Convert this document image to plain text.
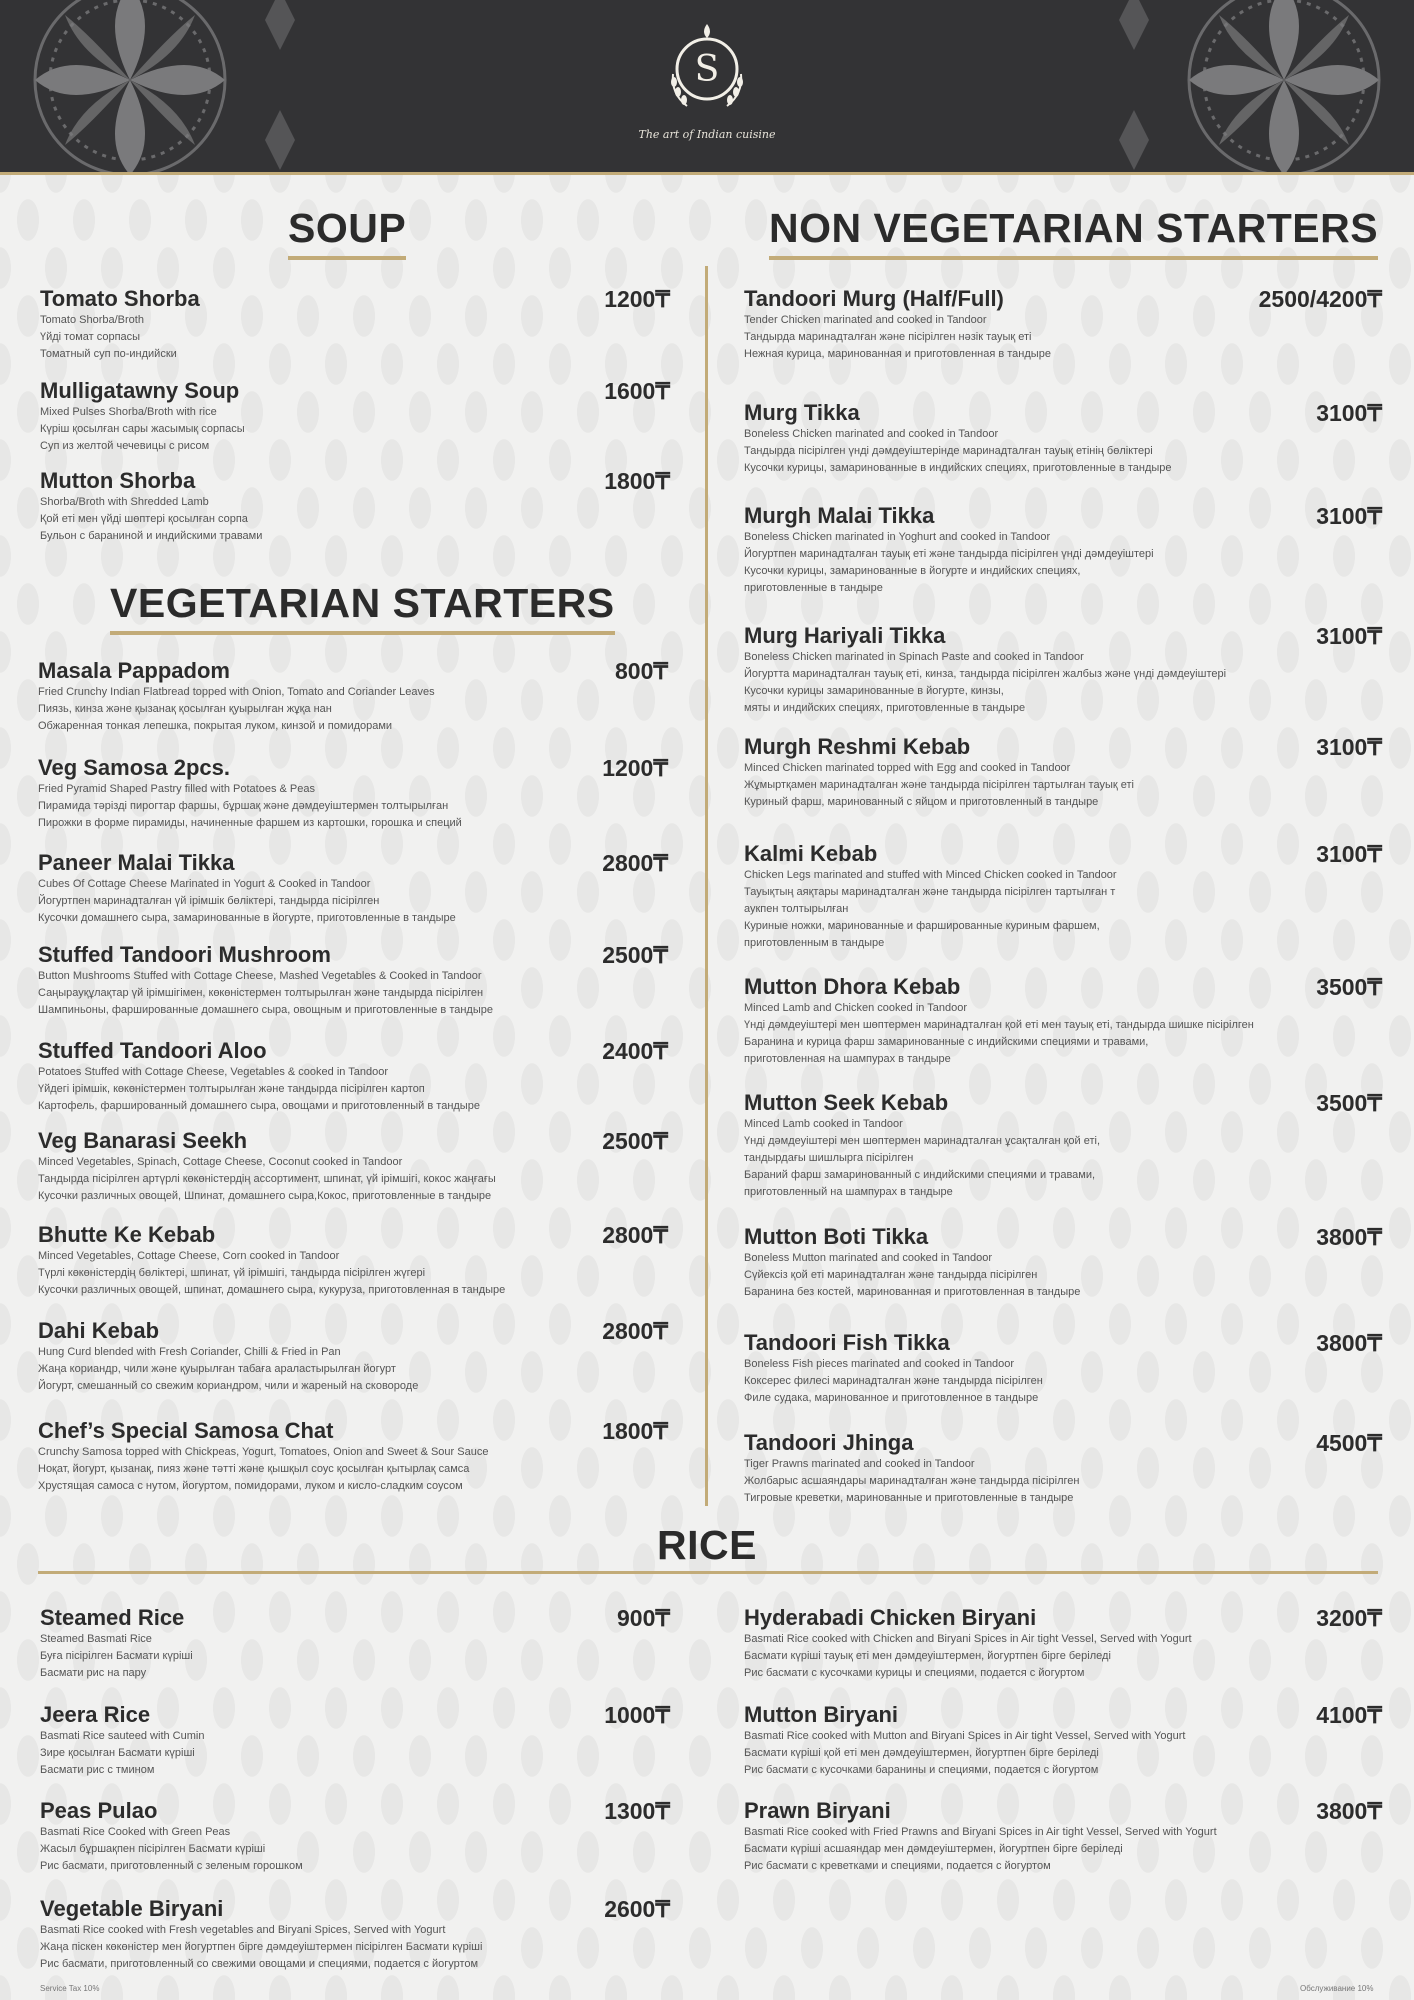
S
The art of Indian cuisine
SOUP	NON VEGETARIAN STARTERS
VEGETARIAN STARTERS
RICE
Tomato Shorba	1200₸
Tomato Shorba/Broth
Үйді томат сорпасы
Томатный суп по-индийски
Mulligatawny Soup	1600₸
Mixed Pulses Shorba/Broth with rice
Күріш қосылған сары жасымық сорпасы
Суп из желтой чечевицы с рисом
Mutton Shorba	1800₸
Shorba/Broth with Shredded Lamb
Қой еті мен үйді шөптері қосылған сорпа
Бульон с бараниной и индийскими травами
Masala Pappadom	800₸
Fried Crunchy Indian Flatbread topped with Onion, Tomato and Coriander Leaves
Пиязь, кинза және қызанақ қосылған қуырылған жұқа нан
Обжаренная тонкая лепешка, покрытая луком, кинзой и помидорами
Veg Samosa 2pcs.	1200₸
Fried Pyramid Shaped Pastry filled with Potatoes & Peas
Пирамида тәрізді пирогтар фаршы, бұршақ және дәмдеуіштермен толтырылған
Пирожки в форме пирамиды, начиненные фаршем из картошки, горошка и специй
Paneer Malai Tikka	2800₸
Cubes Of Cottage Cheese Marinated in Yogurt & Cooked in Tandoor
Йогуртпен маринадталған үй ірімшік бөліктері, тандырда пісірілген
Кусочки домашнего сыра, замаринованные в йогурте, приготовленные в тандыре
Stuffed Tandoori Mushroom	2500₸
Button Mushrooms Stuffed with Cottage Cheese, Mashed Vegetables & Cooked in Tandoor
Саңырауқұлақтар үй ірімшігімен, көкөністермен толтырылған және тандырда пісірілген
Шампиньоны, фаршированные домашнего сыра, овощным и приготовленные в тандыре
Stuffed Tandoori Aloo	2400₸
Potatoes Stuffed with Cottage Cheese, Vegetables & cooked in Tandoor
Үйдегі ірімшік, көкөністермен толтырылған және тандырда пісірілген картоп
Картофель, фаршированный домашнего сыра, овощами и приготовленный в тандыре
Veg Banarasi Seekh	2500₸
Minced Vegetables, Spinach, Cottage Cheese, Coconut cooked in Tandoor
Тандырда пісірілген артүрлі көкөністердің ассортимент, шпинат, үй ірімшігі, кокос жаңғағы
Кусочки различных овощей, Шпинат, домашнего сыра,Кокос, приготовленные в тандыре
Bhutte Ke Kebab	2800₸
Minced Vegetables, Cottage Cheese, Corn cooked in Tandoor
Түрлі көкөністердің бөліктері, шпинат, үй ірімшігі, тандырда пісірілген жүгері
Кусочки различных овощей, шпинат, домашнего сыра, кукуруза, приготовленная в тандыре
Dahi Kebab	2800₸
Hung Curd blended with Fresh Coriander, Chilli & Fried in Pan
Жаңа кориандр, чили және қуырылған табаға араластырылған йогурт
Йогурт, смешанный со свежим кориандром, чили и жареный на сковороде
Chef’s Special Samosa Chat	1800₸
Crunchy Samosa topped with Chickpeas, Yogurt, Tomatoes, Onion and Sweet & Sour Sauce
Ноқат, йогурт, қызанақ, пияз және тәтті және қышқыл соус қосылған қытырлақ самса
Хрустящая самоса с нутом, йогуртом, помидорами, луком и кисло-сладким соусом
Tandoori Murg (Half/Full)	2500/4200₸
Tender Chicken marinated and cooked in Tandoor
Тандырда маринадталған және пісірілген нәзік тауық еті
Нежная курица, маринованная и приготовленная в тандыре
Murg Tikka	3100₸
Boneless Chicken marinated and cooked in Tandoor
Тандырда пісірілген үнді дәмдеуіштерінде маринадталған тауық етінің бөліктері
Кусочки курицы, замаринованные в индийских специях, приготовленные в тандыре
Murgh Malai Tikka	3100₸
Boneless Chicken marinated in Yoghurt and cooked in Tandoor
Йогуртпен маринадталған тауық еті және тандырда пісірілген үнді дәмдеуіштері
Кусочки курицы, замаринованные в йогурте и индийских специях,
приготовленные в тандыре
Murg Hariyali Tikka	3100₸
Boneless Chicken marinated in Spinach Paste and cooked in Tandoor
Йогуртта маринадталған тауық еті, кинза, тандырда пісірілген жалбыз және үнді дәмдеуіштері
Кусочки курицы замаринованные в йогурте, кинзы,
мяты и индийских специях, приготовленные в тандыре
Murgh Reshmi Kebab	3100₸
Minced Chicken marinated topped with Egg and cooked in Tandoor
Жұмыртқамен маринадталған және тандырда пісірілген тартылған тауық еті
Куриный фарш, маринованный с яйцом и приготовленный в тандыре
Kalmi Kebab	3100₸
Chicken Legs marinated and stuffed with Minced Chicken cooked in Tandoor
Тауықтың аяқтары маринадталған және тандырда пісірілген тартылған т
аукпен толтырылған
Куриные ножки, маринованные и фаршированные куриным фаршем,
приготовленным в тандыре
Mutton Dhora Kebab	3500₸
Minced Lamb and Chicken cooked in Tandoor
Үнді дәмдеуіштері мен шөптермен маринадталған қой еті мен тауық еті, тандырда шишке пісірілген
Баранина и курица фарш замаринованные с индийскими специями и травами,
приготовленная на шампурах в тандыре
Mutton Seek Kebab	3500₸
Minced Lamb cooked in Tandoor
Үнді дәмдеуіштері мен шөптермен маринадталған ұсақталған қой еті,
тандырдағы шишлырга пісірілген
Бараний фарш замаринованный с индийскими специями и травами,
приготовленный на шампурах в тандыре
Mutton Boti Tikka	3800₸
Boneless Mutton marinated and cooked in Tandoor
Сүйексіз қой еті маринадталған және тандырда пісірілген
Баранина без костей, маринованная и приготовленная в тандыре
Tandoori Fish Tikka	3800₸
Boneless Fish pieces marinated and cooked in Tandoor
Коксерес филесі маринадталған және тандырда пісірілген
Филе судака, маринованное и приготовленное в тандыре
Tandoori Jhinga	4500₸
Tiger Prawns marinated and cooked in Tandoor
Жолбарыс асшаяндары маринадталған және тандырда пісірілген
Тигровые креветки, маринованные и приготовленные в тандыре
Steamed Rice	900₸
Steamed Basmati Rice
Буға пісірілген Басмати күріші
Басмати рис на пару
Jeera Rice	1000₸
Basmati Rice sauteed with Cumin
Зире қосылған Басмати күріші
Басмати рис с тмином
Peas Pulao	1300₸
Basmati Rice Cooked with Green Peas
Жасыл бұршақпен пісірілген Басмати күріші
Рис басмати, приготовленный с зеленым горошком
Vegetable Biryani	2600₸
Basmati Rice cooked with Fresh vegetables and Biryani Spices, Served with Yogurt
Жаңа піскен көкөністер мен йогуртпен бірге дәмдеуіштермен пісірілген Басмати күріші
Рис басмати, приготовленный со свежими овощами и специями, подается с йогуртом
Hyderabadi Chicken Biryani	3200₸
Basmati Rice cooked with Chicken and Biryani Spices in Air tight Vessel, Served with Yogurt
Басмати күріші тауық еті мен дәмдеуіштермен, йогуртпен бірге беріледі
Рис басмати с кусочками курицы и специями, подается с йогуртом
Mutton Biryani	4100₸
Basmati Rice cooked with Mutton and Biryani Spices in Air tight Vessel, Served with Yogurt
Басмати күріші қой еті мен дәмдеуіштермен, йогуртпен бірге беріледі
Рис басмати с кусочками баранины и специями, подается с йогуртом
Prawn Biryani	3800₸
Basmati Rice cooked with Fried Prawns and Biryani Spices in Air tight Vessel, Served with Yogurt
Басмати күріші асшаяндар мен дәмдеуіштермен, йогуртпен бірге беріледі
Рис басмати с креветками и специями, подается с йогуртом
Service Tax 10%	Обслуживание 10%
